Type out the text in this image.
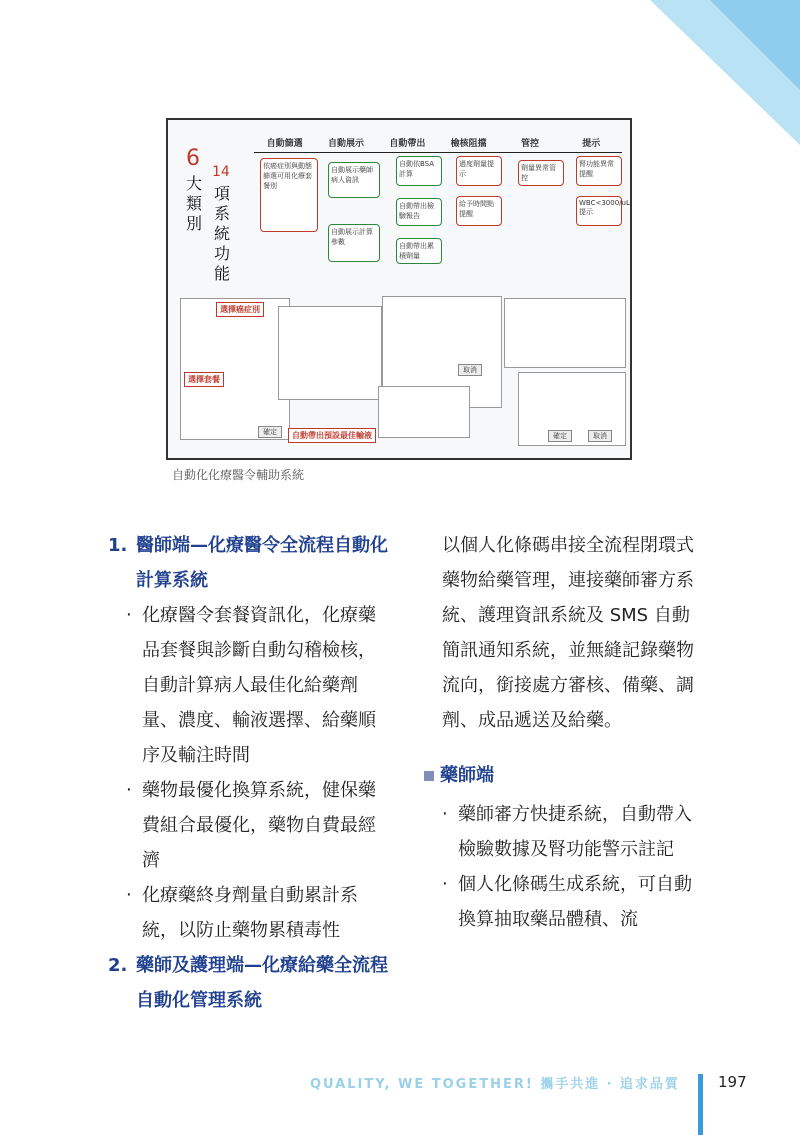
6
14
大類別
項系統功能
自動篩選	自動展示	自動帶出	檢核阻擋	管控	提示
依癌症別與動態篩選可用化療套餐別
自動展示藥師病人資訊
自動依BSA計算
過度劑量提示
劑量異常管控
腎功能異常提醒
自動展示計算參數
自動帶出檢驗報告
給予時間點提醒
WBC<3000/uL提示
自動帶出累積劑量
選擇癌症別
選擇套餐
自動帶出預設最佳輸液
確定	取消
確定
取消
自動化化療醫令輔助系統
1. 醫師端—化療醫令全流程自動化計算系統
‧ 化療醫令套餐資訊化，化療藥品套餐與診斷自動勾稽檢核，自動計算病人最佳化給藥劑量、濃度、輸液選擇、給藥順序及輸注時間
‧ 藥物最優化換算系統，健保藥費組合最優化，藥物自費最經濟
‧ 化療藥終身劑量自動累計系統，以防止藥物累積毒性
2. 藥師及護理端—化療給藥全流程自動化管理系統
以個人化條碼串接全流程閉環式藥物給藥管理，連接藥師審方系統、護理資訊系統及 SMS 自動簡訊通知系統，並無縫記錄藥物流向，銜接處方審核、備藥、調劑、成品遞送及給藥。
藥師端
‧ 藥師審方快捷系統，自動帶入檢驗數據及腎功能警示註記
‧ 個人化條碼生成系統，可自動換算抽取藥品體積、流
QUALITY, WE TOGETHER! 攜手共進 ‧ 追求品質	197
